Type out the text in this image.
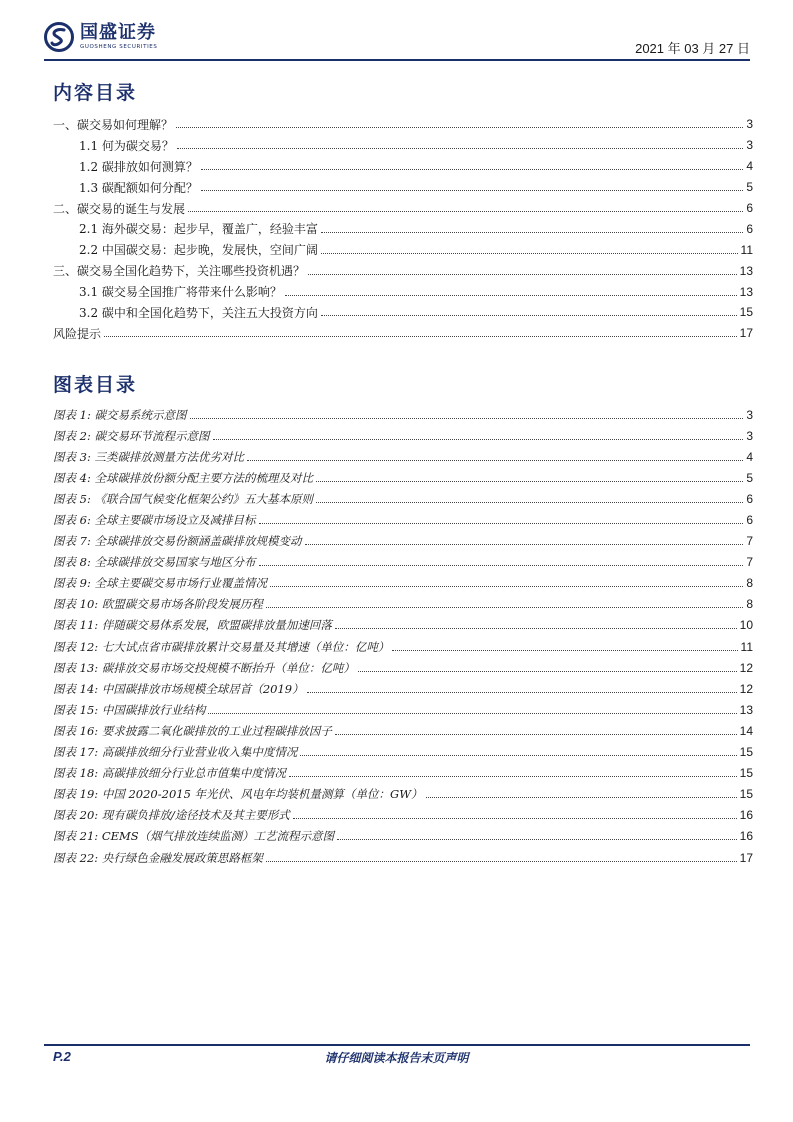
国盛证券
GUOSHENG SECURITIES	2021 年 03 月 27 日
内容目录
一、碳交易如何理解？	3
1.1 何为碳交易？	3
1.2 碳排放如何测算？	4
1.3 碳配额如何分配？	5
二、碳交易的诞生与发展	6
2.1 海外碳交易：起步早，覆盖广，经验丰富	6
2.2 中国碳交易：起步晚，发展快，空间广阔	11
三、碳交易全国化趋势下，关注哪些投资机遇？	13
3.1 碳交易全国推广将带来什么影响？	13
3.2 碳中和全国化趋势下，关注五大投资方向	15
风险提示	17
图表目录
图表 1: 碳交易系统示意图	3
图表 2: 碳交易环节流程示意图	3
图表 3: 三类碳排放测量方法优劣对比	4
图表 4: 全球碳排放份额分配主要方法的梳理及对比	5
图表 5: 《联合国气候变化框架公约》五大基本原则	6
图表 6: 全球主要碳市场设立及减排目标	6
图表 7: 全球碳排放交易份额涵盖碳排放规模变动	7
图表 8: 全球碳排放交易国家与地区分布	7
图表 9: 全球主要碳交易市场行业覆盖情况	8
图表 10: 欧盟碳交易市场各阶段发展历程	8
图表 11: 伴随碳交易体系发展，欧盟碳排放量加速回落	10
图表 12: 七大试点省市碳排放累计交易量及其增速（单位：亿吨）	11
图表 13: 碳排放交易市场交投规模不断抬升（单位：亿吨）	12
图表 14: 中国碳排放市场规模全球居首（2019）	12
图表 15: 中国碳排放行业结构	13
图表 16: 要求披露二氧化碳排放的工业过程碳排放因子	14
图表 17: 高碳排放细分行业营业收入集中度情况	15
图表 18: 高碳排放细分行业总市值集中度情况	15
图表 19: 中国 2020-2015 年光伏、风电年均装机量测算（单位：GW）	15
图表 20: 现有碳负排放/途径技术及其主要形式	16
图表 21: CEMS（烟气排放连续监测）工艺流程示意图	16
图表 22: 央行绿色金融发展政策思路框架	17
P.2	请仔细阅读本报告末页声明
